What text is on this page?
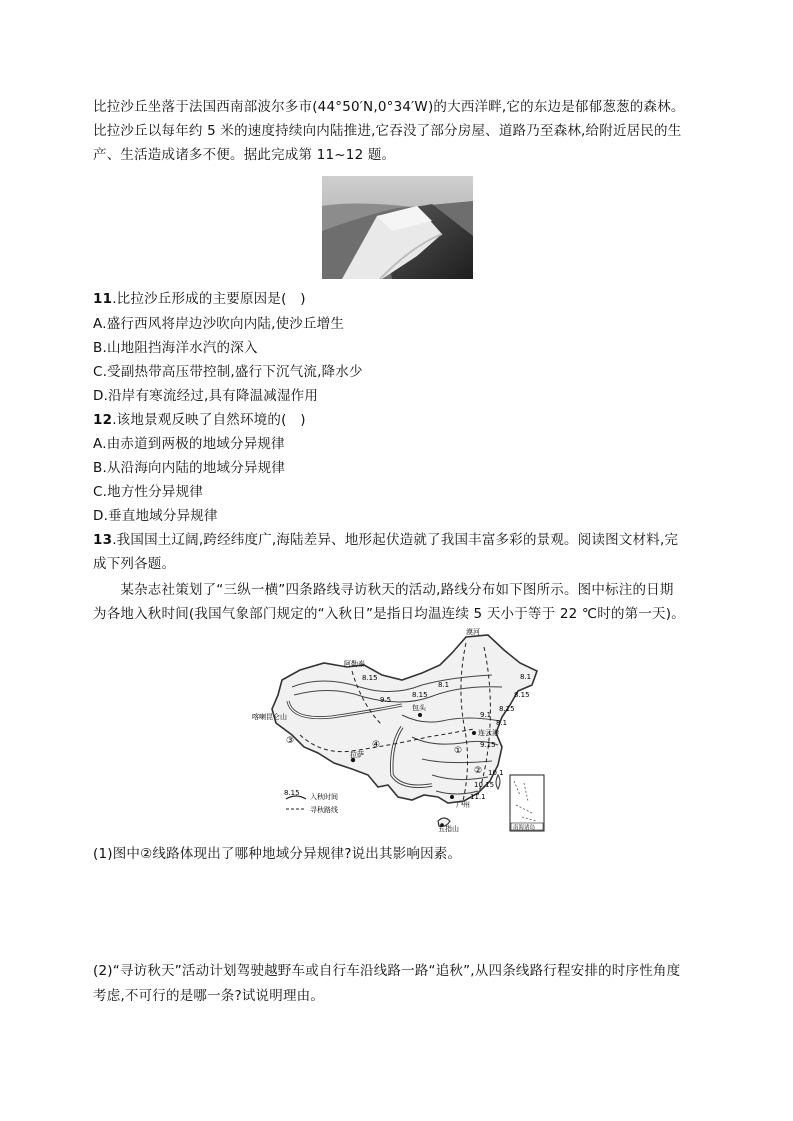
比拉沙丘坐落于法国西南部波尔多市(44°50′N,0°34′W)的大西洋畔,它的东边是郁郁葱葱的森林。
比拉沙丘以每年约 5 米的速度持续向内陆推进,它吞没了部分房屋、道路乃至森林,给附近居民的生
产、生活造成诸多不便。据此完成第 11~12 题。
11.比拉沙丘形成的主要原因是(　)
A.盛行西风将岸边沙吹向内陆,使沙丘增生
B.山地阻挡海洋水汽的深入
C.受副热带高压带控制,盛行下沉气流,降水少
D.沿岸有寒流经过,具有降温减湿作用
12.该地景观反映了自然环境的(　)
A.由赤道到两极的地域分异规律
B.从沿海向内陆的地域分异规律
C.地方性分异规律
D.垂直地域分异规律
13.我国国土辽阔,跨经纬度广,海陆差异、地形起伏造就了我国丰富多彩的景观。阅读图文材料,完
成下列各题。
　　某杂志社策划了“三纵一横”四条路线寻访秋天的活动,路线分布如下图所示。图中标注的日期
为各地入秋时间(我国气象部门规定的“入秋日”是指日均温连续 5 天小于等于 22 ℃时的第一天)。
漠河
阿勒泰
喀喇昆仑山
拉萨
包头
连云港
广州
五指山
8.1
8.15
8.15
9.5
8.15
8.1
8.15
9.1
8.1
9.15
10.1
10.15
11.1
①
②
③	④
8.15 入秋时间
寻秋路线
南海诸岛
(1)图中②线路体现出了哪种地域分异规律?说出其影响因素。
(2)“寻访秋天”活动计划驾驶越野车或自行车沿线路一路“追秋”,从四条线路行程安排的时序性角度
考虑,不可行的是哪一条?试说明理由。
